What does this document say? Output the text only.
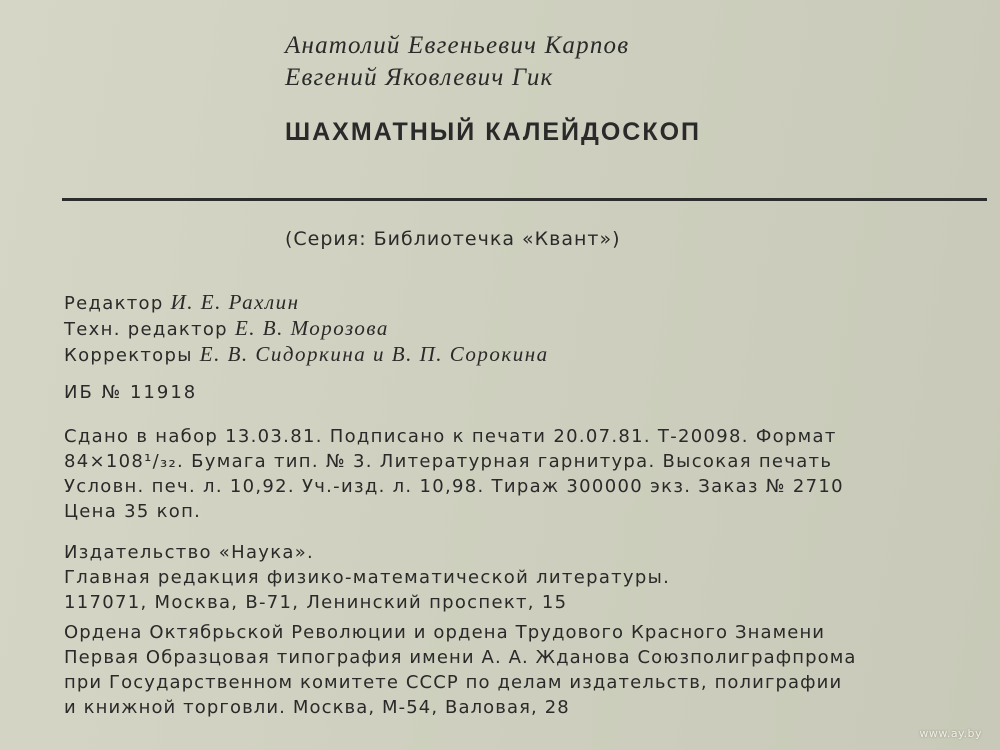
Анатолий Евгеньевич Карпов
Евгений Яковлевич Гик
ШАХМАТНЫЙ КАЛЕЙДОСКОП
(Серия: Библиотечка «Квант»)
Редактор И. Е. Рахлин
Техн. редактор Е. В. Морозова
Корректоры Е. В. Сидоркина и В. П. Сорокина
ИБ № 11918
Сдано в набор 13.03.81. Подписано к печати 20.07.81. Т-20098. Формат
84×108¹/₃₂. Бумага тип. № 3. Литературная гарнитура. Высокая печать
Условн. печ. л. 10,92. Уч.-изд. л. 10,98. Тираж 300000 экз. Заказ № 2710
Цена 35 коп.
Издательство «Наука».
Главная редакция физико-математической литературы.
117071, Москва, В-71, Ленинский проспект, 15
Ордена Октябрьской Революции и ордена Трудового Красного Знамени
Первая Образцовая типография имени А. А. Жданова Союзполиграфпрома
при Государственном комитете СССР по делам издательств, полиграфии
и книжной торговли. Москва, М-54, Валовая, 28
www.ay.by
